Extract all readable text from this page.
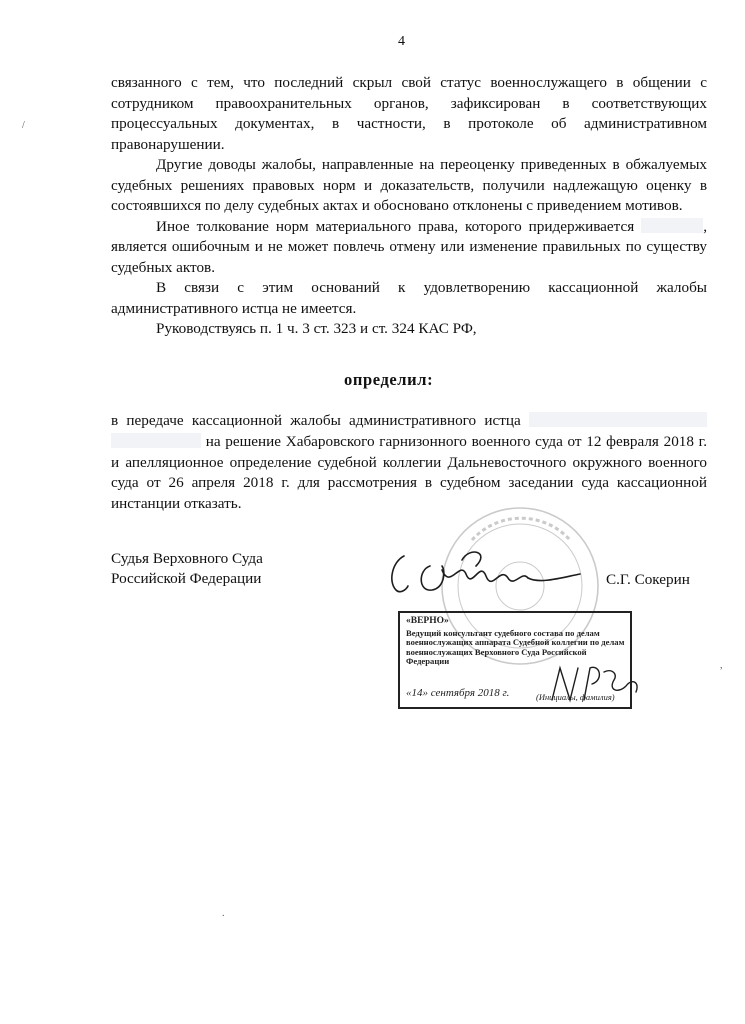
4

связанного с тем, что последний скрыл свой статус военнослужащего в общении с сотрудником правоохранительных органов, зафиксирован в соответствующих процессуальных документах, в частности, в протоколе об административном правонарушении.

Другие доводы жалобы, направленные на переоценку приведенных в обжалуемых судебных решениях правовых норм и доказательств, получили надлежащую оценку в состоявшихся по делу судебных актах и обосновано отклонены с приведением мотивов.

Иное толкование норм материального права, которого придерживается	, является ошибочным и не может повлечь отмену или изменение правильных по существу судебных актов.

В связи с этим оснований к удовлетворению кассационной жалобы административного истца не имеется.

Руководствуясь п. 1 ч. 3 ст. 323 и ст. 324 КАС РФ,

определил:

в передаче кассационной жалобы административного истца   на решение Хабаровского гарнизонного военного суда от 12 февраля 2018 г. и апелляционное определение судебной коллегии Дальневосточного окружного военного суда от 26 апреля 2018 г. для рассмотрения в судебном заседании суда кассационной инстанции отказать.

Судья Верховного Суда
Российской Федерации	С.Г. Сокерин
«ВЕРНО»
Ведущий консультант судебного состава по делам военнослужащих аппарата Судебной коллегии по делам военнослужащих Верховного Суда Российской Федерации
«14» сентября 2018 г.	(Инициалы, фамилия)
/
,
.
